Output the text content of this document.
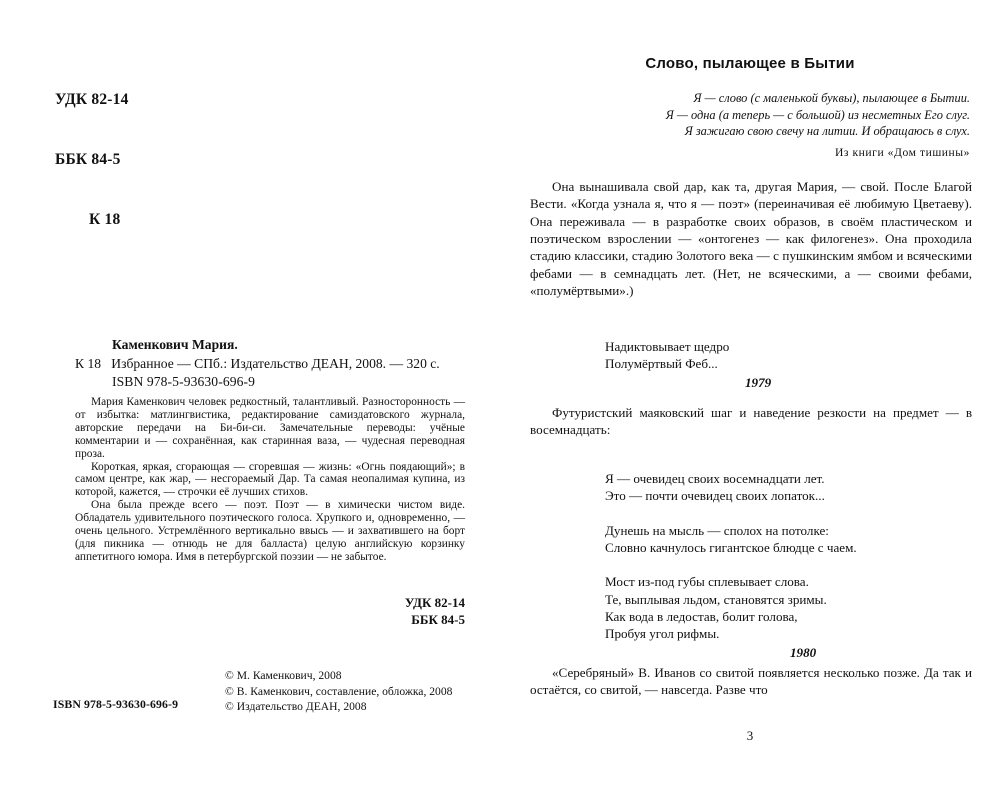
УДК 82-14

ББК 84-5

К 18

Каменкович Мария.
К 18   Избранное — СПб.: Издательство ДЕАН, 2008. — 320 с.
ISBN 978-5-93630-696-9

Мария Каменкович человек редкостный, талантливый. Разносторонность — от избытка: матлингвистика, редактирование самиздатовского журнала, авторские передачи на Би-би-си. Замечательные переводы: учёные комментарии и — сохранённая, как старинная ваза, — чудесная переводная проза.

Короткая, яркая, сгорающая — сгоревшая — жизнь: «Огнь поядающий»; в самом центре, как жар, — несгораемый Дар. Та самая неопалимая купина, из которой, кажется, — строчки её лучших стихов.

Она была прежде всего — поэт. Поэт — в химически чистом виде. Обладатель удивительного поэтического голоса. Хрупкого и, одновременно, — очень цельного. Устремлённого вертикально ввысь — и захватившего на борт (для пикника — отнюдь не для балласта) целую английскую корзинку аппетитного юмора. Имя в петербургской поэзии — не забытое.

УДК 82-14
ББК 84-5
© М. Каменкович, 2008
© В. Каменкович, составление, обложка, 2008
© Издательство ДЕАН, 2008
ISBN 978-5-93630-696-9
Слово, пылающее в Бытии
Я — слово (с маленькой буквы), пылающее в Бытии.
Я — одна (а теперь — с большой) из несметных Его слуг.
Я зажигаю свою свечу на литии. И обращаюсь в слух.
Из книги «Дом тишины»

Она вынашивала свой дар, как та, другая Мария, — свой. После Благой Вести. «Когда узнала я, что я — поэт» (переиначивая её любимую Цветаеву). Она переживала — в разработке своих образов, в своём пластическом и поэтическом взрослении — «онтогенез — как филогенез». Она проходила стадию классики, стадию Золотого века — с пушкинским ямбом и всяческими фебами — в семнадцать лет. (Нет, не всяческими, а — своими фебами, «полумёртвыми».)

Надиктовывает щедро
Полумёртвый Феб...
1979

Футуристский маяковский шаг и наведение резкости на предмет — в восемнадцать:

Я — очевидец своих восемнадцати лет.
Это — почти очевидец своих лопаток...
Дунешь на мысль — сполох на потолке:
Словно качнулось гигантское блюдце с чаем.
Мост из-под губы сплевывает слова.
Те, выплывая льдом, становятся зримы.
Как вода в ледостав, болит голова,
Пробуя угол рифмы.
1980

«Серебряный» В. Иванов со свитой появляется несколько позже. Да так и остаётся, со свитой, — навсегда. Разве что

3
